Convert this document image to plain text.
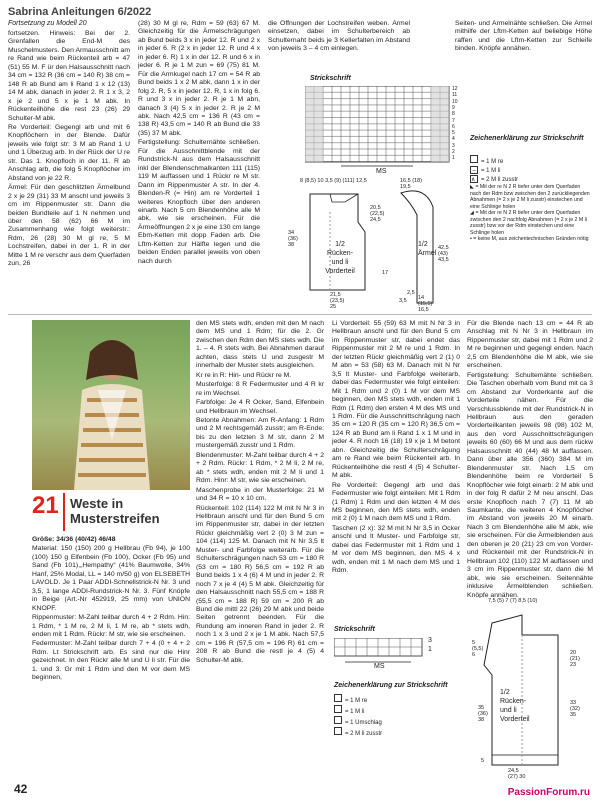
Sabrina Anleitungen 6/2022
Fortsetzung zu Modell 20

fortsetzen. Hinweis: Bei der 2. Grenfallen die End-M des Muschelmusters. Den Armausschnitt am re Rand wie beim Rückenteil arb = 47 (51) 55 M. F ür den Halsausschnitt nach 34 cm = 132 R (36 cm = 140 R) 38 cm = 148 R ab Bund am li Rand 1 x 12 (13) 14 M abk, danach in jeder 2. R 1 x 3, 2 x je 2 und 5 x je 1 M abk. In Rückenteilhöhe die rest 23 (26) 29 Schulter-M abk.

Re Vorderteil: Gegengl arb und mit 6 Knopflöchern in der Blende. Dafür jeweils wie folgt str: 3 M ab Rand 1 U und 1 Überzug arb. In der Rück der U re str. Das 1. Knopfloch in der 11. R ab Anschlag arb, die folg 5 Knopflöcher im Abstand von je 22 R.

Ärmel: Für den geschlitzten Ärmelbund 2 x je 29 (31) 33 M anschl und jeweils 3 cm im Rippenmuster str. Dann die beiden Bundteile auf 1 N nehmen und über den 58 (62) 66 M im Zusammenhang wie folgt weiterstr.: Rdm, 26 (28) 30 M gl re, 5 M Lochstreifen, dabei in der 1. R in der Mitte 1 M re verschr aus dem Querfaden zun, 26

(28) 30 M gl re, Rdm = 59 (63) 67 M. Gleichzeitig für die Ärmelschrägungen ab Bund beids 3 x in jeder 12. R und 2 x in jeder 6. R (2 x in jeder 12. R und 4 x in jeder 6. R) 1 x in der 12. R und 6 x in jeder 6. R je 1 M zun = 69 (75) 81 M. Für die Armkugel nach 17 cm = 54 R ab Bund beids 1 x 2 M abk, dann 1 x in der folg 2. R, 5 x in jeder 12. R, 1 x in folg 6. R und 3 x in jeder 2. R je 1 M abn, danach 3 (4) 5 x in jeder 2. R je 2 M abk. Nach 42,5 cm = 136 R (43 cm = 138 R) 43,5 cm = 140 R ab Bund die 33 (35) 37 M abk.

Fertigstellung: Schulternähte schließen. Für die Ausschnittblende mit der Rundstrick-N aus dem Halsausschnitt inkl der Blendenschmalkanten 111 (115) 119 M auffassen und 1 Rückr re M str. Dann im Rippenmuster A str. In der 4. Blenden-R (= Hin) am re Vorderteil 1 weiteres Knopfloch über den anderen einarb. Nach 5 cm Blendenhöhe alle M abk, wie sie erscheinen. Für die Ärmeöffnungen 2 x je eine 130 cm lange Ebm-Ketten mit dopp Faden arb. Die Lftm-Ketten zur Hälfte legen und die beiden Enden parallel jeweils von oben nach durch

die Öffnungen der Lochstreifen weben. Ärmel einsetzen, dabei im Schulterbereich ab Schulternaht beids je 3 Kellerfalten im Abstand von jeweils 3 – 4 cm einlegen.

Seiten- und Ärmelnähte schließen. Die Ärmel mithilfe der Lftm-Ketten auf beliebige Höhe raffen und die Lftm-Ketten zur Schleife binden. Knöpfe annähen.

Strickschrift
MS
Zeichenerklärung zur Strickschrift
= 1 M re
– = 1 M li
∧ = 2 M li zusstr
◣ = Mit der re N 2 R tiefer unter dem Querfaden nach der Rdm bzw zwischen den 2 zurückliegenden Abnahmen (= 2 x je 2 M li zusstr) einstechen und eine Schlinge holen
◢ = Mit der re N 2 R tiefer unter dem Querfaden zwischen den 2 nachfolg Abnahmen (= 2 x je 2 M li zusstr) bzw vor der Rdm einstechen und eine Schlinge holen
▪ = keine M, aus zeichentechnischen Gründen nötig
1/2 Rücken- und li Vorderteil
8 (8,5) 10 3,5 (9) (111) 12,5
34 (36) 38
20,5 (22,5) 24,5
21,5 (23,5) 25
17
16,5 (18) 19,5
1/2 Ärmel
42,5 (43) 43,5
14 (15,5) 16,5
3,5
2,5
21 Weste in Musterstreifen

Größe: 34/36 (40/42) 46/48

Material: 150 (150) 200 g Hellbrau (Fb 94), je 100 (100) 150 g Elfenbein (Fb 100), Ocker (Fb 95) und Sand (Fb 101),„Hempathy“ (41% Baumwolle, 34% Hanf, 25% Modal, LL = 140 m/50 g) von ELSEBETH LAVOLD. Je 1 Paar ADDI-Schnellstrick-N Nr. 3 und 3,5, 1 lange ADDI-Rundstrick-N Nr. 3. Fünf Knöpfe in Beige (Art.-Nr 452919, 25 mm) von UNION KNOPF.

Rippenmuster: M-Zahl teilbar durch 4 + 2 Rdm. Hin: 1 Rdm, * 1 M re, 2 M li, 1 M re, ab * stets wdh, enden mit 1 Rdm. Rückr: M str, wie sie erscheinen.

Federmuster: M-Zahl teilbar durch 7 + 4 (0 + 4 + 2 Rdm. Lt Strickschrift arb. Es sind nur die Hinr gezeichnet. In den Rückr alle M und U li str. Für die 1. und 3. Gr mit 1 Rdm und den M vor dem MS beginnen,

den MS stets wdh, enden mit den M nach dem MS und 1 Rdm; für die 2. Gr zwischen den Rdm den MS stets wdh. Die 1. – 4. R stets wdh. Bei Abnahmen darauf achten, dass stets U und zusgestr M innerhalb der Muster stets ausgleichen.

Kr re in R: Hin- und Rückr re M.

Musterfolge: 8 R Federmuster und 4 R kr re im Wechsel.

Farbfolge: Je 4 R Ocker, Sand, Elfenbein und Hellbraun im Wechsel.

Betonte Abnahmen: Am R-Anfang: 1 Rdm und 2 M rechtsgemäß zusstr; am R-Ende: bis zu den letzten 3 M str, dann 2 M mustergemäß zusstr und 1 Rdm.

Blendenmuster: M-Zahl teilbar durch 4 + 2 + 2 Rdm. Rückr: 1 Rdm, * 2 M li, 2 M re, ab * stets wdh, enden mit 2 M li und 1 Rdm. Hinr: M str, wie sie erscheinen.

Maschenprobe in der Musterfolge: 21 M und 34 R = 10 x 10 cm.

Rückenteil: 102 (114) 122 M mit N Nr 3 in Hellbraun anschl und für den Bund 5 cm im Rippenmuster str, dabei in der letzten Rückr gleichmäßig vert 2 (0) 3 M zun = 104 (114) 125 M. Danach mit N Nr 3,5 lt Muster- und Farbfolge weiterarb. Für die Schulterschrägungen nach 53 cm = 180 R (53 cm = 180 R) 56,5 cm = 192 R ab Bund beids 1 x 4 (6) 4 M und in jeder 2. R noch 7 x je 4 (4) 5 M abk. Gleichzeitig für den Halsausschnitt nach 55,5 cm = 188 R (55,5 cm = 188 R) 59 cm = 200 R ab Bund die mittl 22 (26) 29 M abk und beide Seiten getrennt beenden. Für die Rundung am inneren Rand in jeder 2. R noch 1 x 3 und 2 x je 1 M abk. Nach 57,5 cm = 196 R (57,5 cm = 196 R) 61 cm = 208 R ab Bund die restl je 4 (5) 4 Schulter-M abk.

Li Vorderteil: 55 (59) 63 M mit N Nr 3 in Hellbraun anschl und für den Bund 5 cm im Rippenmuster str, dabei endet das Rippenmuster mit 2 M re und 1 Rdm. In der letzten Rückr gleichmäßig vert 2 (1) 0 M abn = 53 (58) 63 M. Danach mit N Nr 3,5 lt Muster- und Farbfolge weiterarb, dabei das Federmuster wie folgt einteilen: Mit 1 Rdm und 2 (0) 1 M vor dem MS beginnen, den MS stets wdh, enden mit 1 Rdm (1 Rdm) den ersten 4 M des MS und 1 Rdm. Für die Ausschnittschrägung nach 35 cm = 120 R (35 cm = 120 R) 36,5 cm = 124 R ab Bund am li Rand 1 x 1 M und in jeder 4. R noch 16 (18) 19 x je 1 M betont abn. Gleichzeitig die Schulterschrägung am re Rand wie beim Rückenteil arb. In Rückenteilhöhe die restl 4 (5) 4 Schulter-M abk.

Re Vorderteil: Gegengl arb und das Federmuster wie folgt einteilen: Mit 1 Rdm (1 Rdm) 1 Rdm und den letzten 4 M des MS beginnen, den MS stets wdh, enden mit 2 (0) 1 M nach dem MS und 1 Rdm.

Taschen (2 x): 32 M mit N Nr 3,5 in Ocker anschl und lt Muster- und Farbfolge str, dabei das Federmuster mit 1 Rdm und 1 M vor dem MS beginnen, den MS 4 x wdh, enden mit 1 M nach dem MS und 1 Rdm.

Für die Blende nach 13 cm = 44 R ab Anschlag mit N Nr 3 in Hellbraun im Rippenmuster str, dabei mit 1 Rdm und 2 M re beginnen und gegengl enden. Nach 2,5 cm Blendenhöhe die M abk, wie sie erscheinen.

Fertigstellung: Schultemähte schließen. Die Taschen oberhalb vom Bund mit ca 3 cm Abstand zur Vorderkante auf die Vorderteile nähen. Für die Verschlussblende mit der Rundstrick-N in Hellbraun aus den geraden Vorderteilkanten jeweils 98 (98) 102 M, aus den vord Ausschnittschrägungen jeweils 60 (60) 66 M und aus dem rückw Halsausschnitt 40 (44) 48 M auffassen. Dann über alle 356 (360) 384 M im Blendenmuster str. Nach 1,5 cm Blendenhöhe beim re Vorderteil 5 Knopflöcher wie folgt einarb: 2 M abk und in der folg R dafür 2 M neu anschl. Das erste Knopfloch nach 7 (7) 11 M ab Saumkante, die weiteren 4 Knopflöcher im Abstand von jeweils 20 M einarb. Nach 3 cm Blendenhöhe alle M abk, wie sie erscheinen. Für die Ärmelblenden aus den oberen je 20 (21) 23 cm von Vorder- und Rückenteil mit der Rundstrick-N in Hellbraun 102 (110) 122 M auffassen und 3 cm im Rippenmuster str, dann die M abk, wie sie erscheinen. Seitennähte inklusive Ärmelblenden schließen. Knöpfe annähen.

Strickschrift
3
1
MS
Zeichenerklärung zur Strickschrift
= 1 M re
= 1 M li
= 1 Umschlag
= 2 M li zusstr
1/2 Rücken- und li Vorderteil
7,5 (5) 7 (7) 8,5 (10)
5 (5,5) 6
35 (36) 38
20 (21) 23
33 (32) 35
24,5 (27) 30
5
42	PassionForum.ru
12
11
10
9
8
7
6
5
4
3
2
1
